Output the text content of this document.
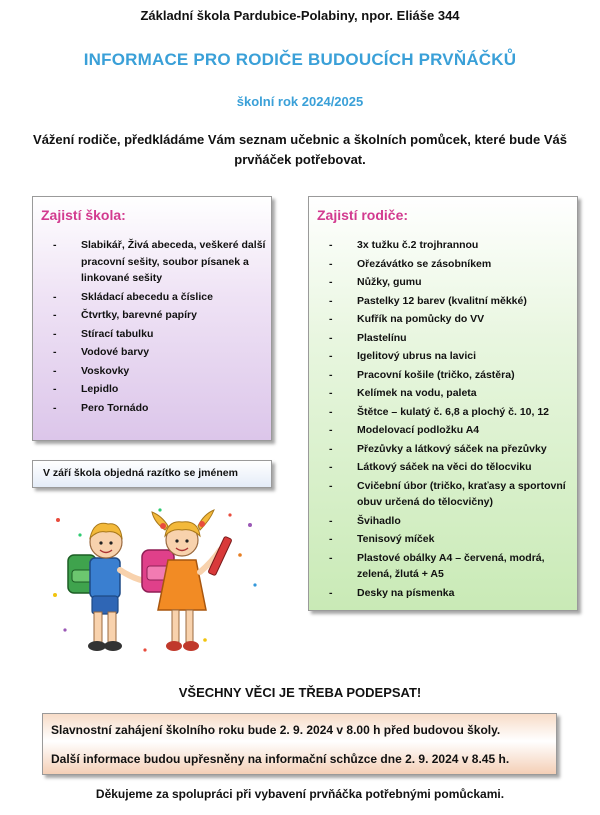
Základní škola Pardubice-Polabiny, npor. Eliáše 344
INFORMACE PRO RODIČE BUDOUCÍCH PRVŇÁČKŮ
školní rok 2024/2025
Vážení rodiče, předkládáme Vám seznam učebnic a školních pomůcek, které bude Váš
prvňáček potřebovat.
Zajistí škola:
- Slabikář, Živá abeceda, veškeré další pracovní sešity, soubor písanek a linkované sešity
- Skládací abecedu a číslice
- Čtvrtky, barevné papíry
- Stírací tabulku
- Vodové barvy
- Voskovky
- Lepidlo
- Pero Tornádo
V září škola objedná razítko se jménem
Zajistí rodiče:
- 3x tužku č.2 trojhrannou
- Ořezávátko se zásobníkem
- Nůžky, gumu
- Pastelky 12 barev (kvalitní měkké)
- Kufřík na pomůcky do VV
- Plastelínu
- Igelitový ubrus na lavici
- Pracovní košile (tričko, zástěra)
- Kelímek na vodu, paleta
- Štětce – kulatý č. 6,8 a plochý č. 10, 12
- Modelovací podložku A4
- Přezůvky a látkový sáček na přezůvky
- Látkový sáček na věci do tělocviku
- Cvičební úbor (tričko, kraťasy a sportovní obuv určená do tělocvičny)
- Švihadlo
- Tenisový míček
- Plastové obálky A4 – červená, modrá, zelená, žlutá + A5
- Desky na písmenka
VŠECHNY VĚCI JE TŘEBA PODEPSAT!
Slavnostní zahájení školního roku bude 2. 9. 2024 v 8.00 h před budovou školy.
Další informace budou upřesněny na informační schůzce dne 2. 9. 2024 v 8.45 h.
Děkujeme za spolupráci při vybavení prvňáčka potřebnými pomůckami.
